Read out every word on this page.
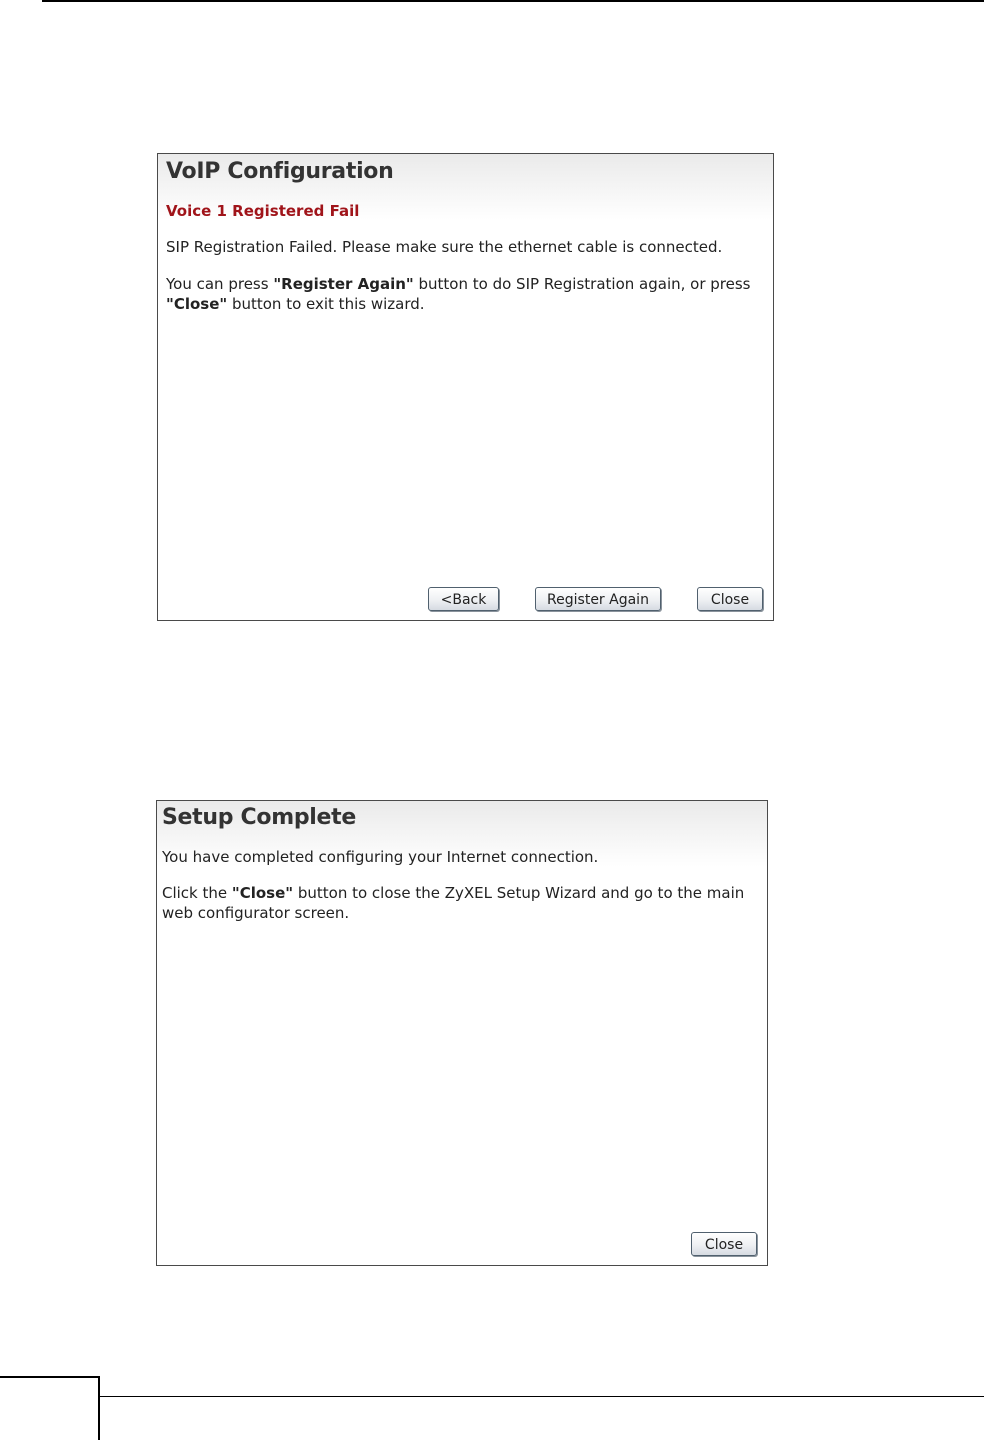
VoIP Configuration
Voice 1 Registered Fail
SIP Registration Failed. Please make sure the ethernet cable is connected.
You can press "Register Again" button to do SIP Registration again, or press
"Close" button to exit this wizard.
<Back	Register Again	Close
Setup Complete
You have completed configuring your Internet connection.
Click the "Close" button to close the ZyXEL Setup Wizard and go to the main
web configurator screen.
Close
